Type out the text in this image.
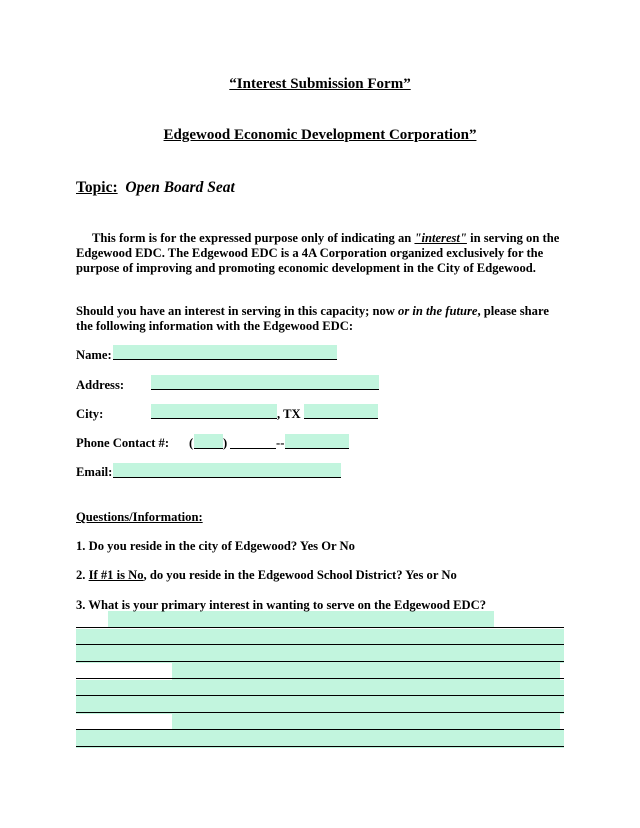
“Interest Submission Form”
Edgewood Economic Development Corporation”
Topic: Open Board Seat
This form is for the expressed purpose only of indicating an "interest" in serving on the Edgewood EDC. The Edgewood EDC is a 4A Corporation organized exclusively for the purpose of improving and promoting economic development in the City of Edgewood.
Should you have an interest in serving in this capacity; now or in the future, please share the following information with the Edgewood EDC:
Name:
Address:
City:	, TX
Phone Contact #: ( )	--
Email:
Questions/Information:
1. Do you reside in the city of Edgewood? Yes Or No
2. If #1 is No, do you reside in the Edgewood School District? Yes or No
3. What is your primary interest in wanting to serve on the Edgewood EDC?
